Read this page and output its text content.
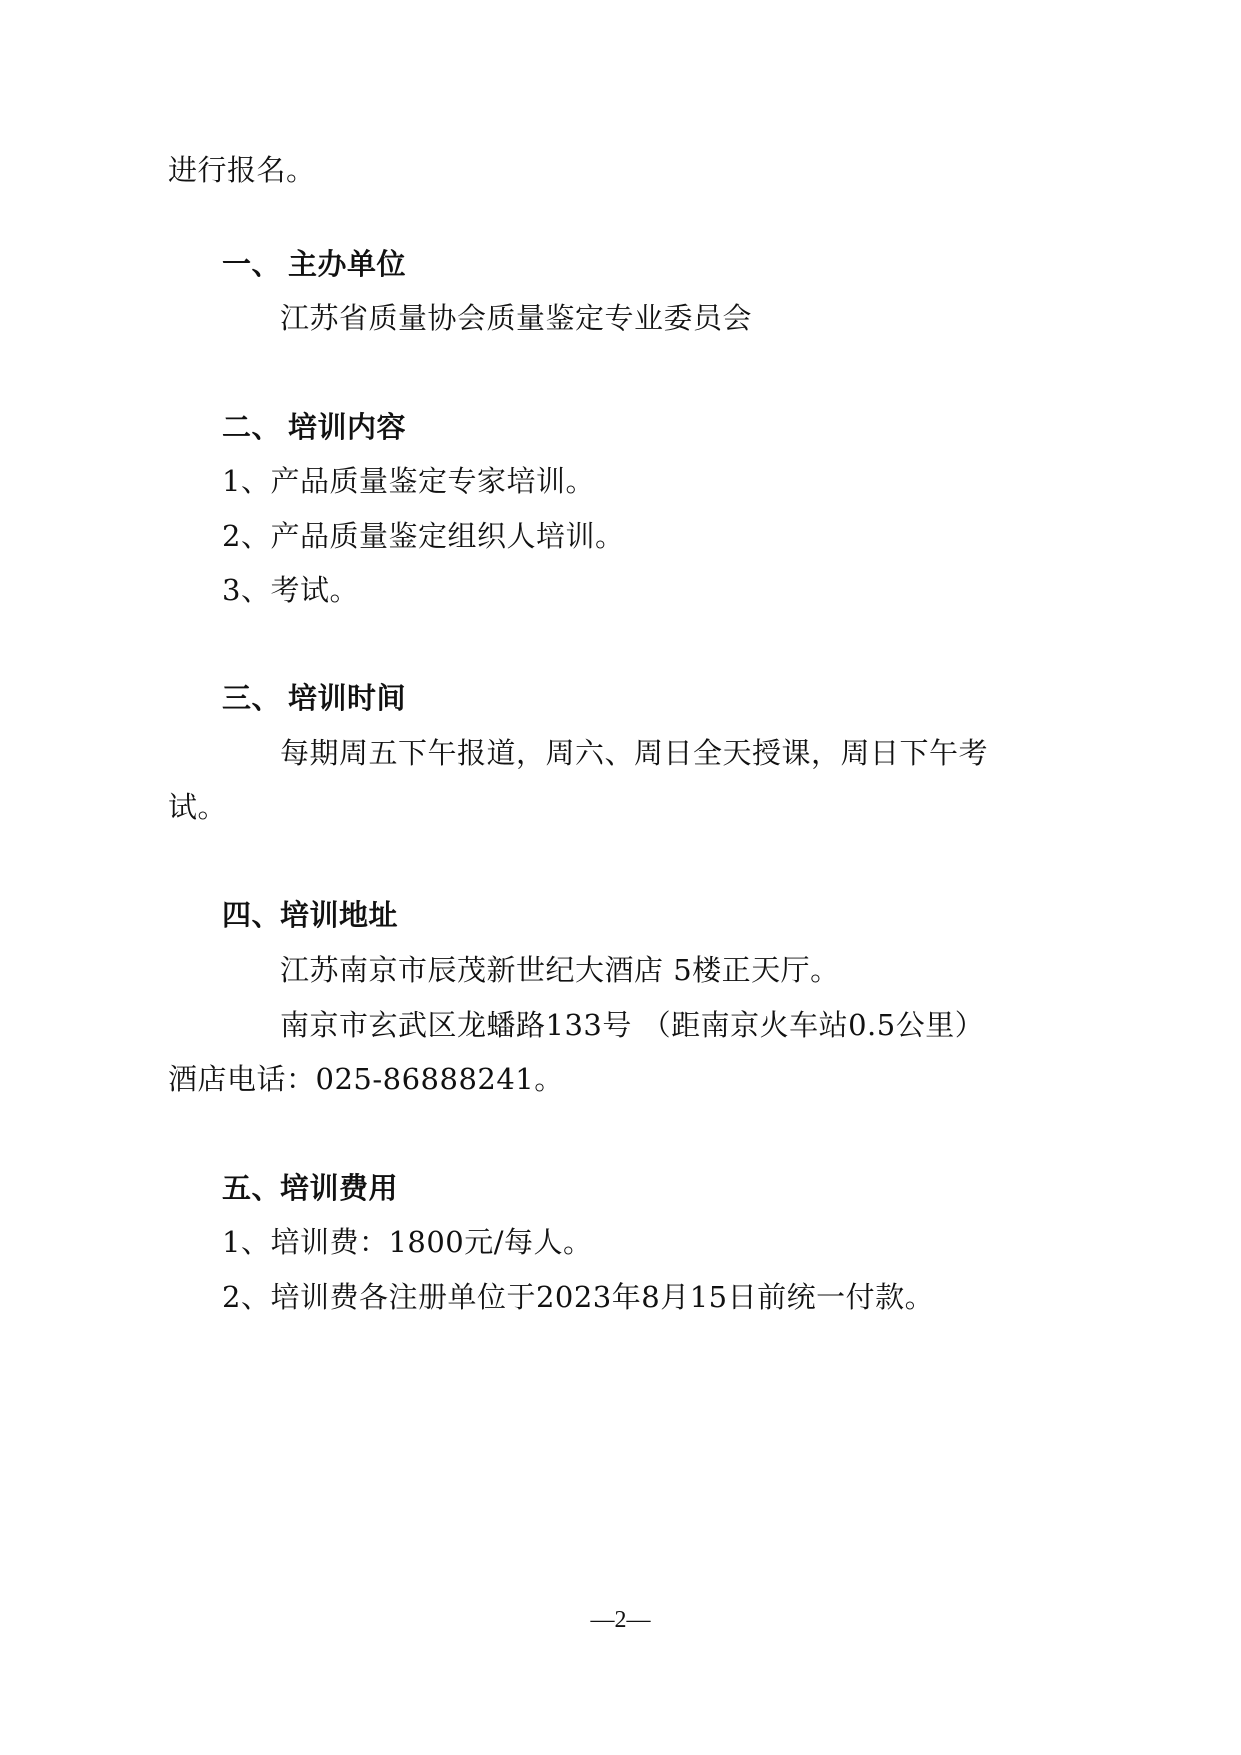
进行报名。
一、 主办单位
江苏省质量协会质量鉴定专业委员会
二、 培训内容
1、产品质量鉴定专家培训。
2、产品质量鉴定组织人培训。
3、考试。
三、 培训时间
每期周五下午报道，周六、周日全天授课，周日下午考
试。
四、培训地址
江苏南京市辰茂新世纪大酒店 5楼正天厅。
南京市玄武区龙蟠路133号 （距南京火车站0.5公里）
酒店电话：025-86888241。
五、培训费用
1、培训费：1800元/每人。
2、培训费各注册单位于2023年8月15日前统一付款。
—2—
